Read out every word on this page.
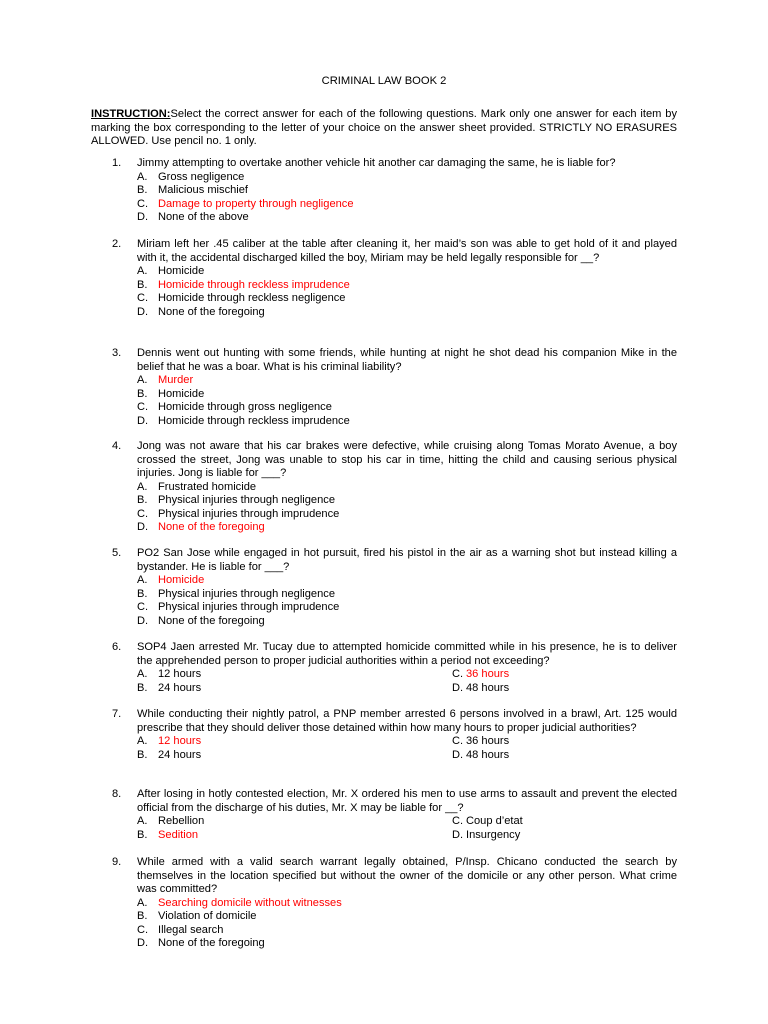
CRIMINAL LAW BOOK 2
INSTRUCTION:Select the correct answer for each of the following questions. Mark only one answer for each item by marking the box corresponding to the letter of your choice on the answer sheet provided. STRICTLY NO ERASURES ALLOWED. Use pencil no. 1 only.
1. Jimmy attempting to overtake another vehicle hit another car damaging the same, he is liable for?
A. Gross negligence
B. Malicious mischief
C. Damage to property through negligence
D. None of the above
2. Miriam left her .45 caliber at the table after cleaning it, her maid’s son was able to get hold of it and played with it, the accidental discharged killed the boy, Miriam may be held legally responsible for __?
A. Homicide
B. Homicide through reckless imprudence
C. Homicide through reckless negligence
D. None of the foregoing
3. Dennis went out hunting with some friends, while hunting at night he shot dead his companion Mike in the belief that he was a boar. What is his criminal liability?
A. Murder
B. Homicide
C. Homicide through gross negligence
D. Homicide through reckless imprudence
4. Jong was not aware that his car brakes were defective, while cruising along Tomas Morato Avenue, a boy crossed the street, Jong was unable to stop his car in time, hitting the child and causing serious physical injuries. Jong is liable for ___?
A. Frustrated homicide
B. Physical injuries through negligence
C. Physical injuries through imprudence
D. None of the foregoing
5. PO2 San Jose while engaged in hot pursuit, fired his pistol in the air as a warning shot but instead killing a bystander. He is liable for ___?
A. Homicide
B. Physical injuries through negligence
C. Physical injuries through imprudence
D. None of the foregoing
6. SOP4 Jaen arrested Mr. Tucay due to attempted homicide committed while in his presence, he is to deliver the apprehended person to proper judicial authorities within a period not exceeding?
A. 12 hours	C. 36 hours
B. 24 hours	D. 48 hours
7. While conducting their nightly patrol, a PNP member arrested 6 persons involved in a brawl, Art. 125 would prescribe that they should deliver those detained within how many hours to proper judicial authorities?
A. 12 hours	C. 36 hours
B. 24 hours	D. 48 hours
8. After losing in hotly contested election, Mr. X ordered his men to use arms to assault and prevent the elected official from the discharge of his duties, Mr. X may be liable for __?
A. Rebellion	C. Coup d’etat
B. Sedition	D. Insurgency
9. While armed with a valid search warrant legally obtained, P/Insp. Chicano conducted the search by themselves in the location specified but without the owner of the domicile or any other person. What crime was committed?
A. Searching domicile without witnesses
B. Violation of domicile
C. Illegal search
D. None of the foregoing
